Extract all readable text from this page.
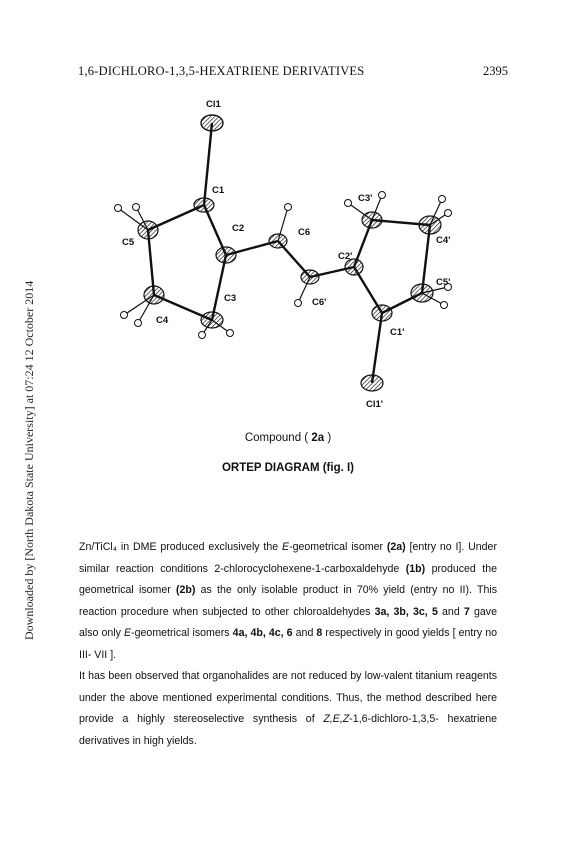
1,6-DICHLORO-1,3,5-HEXATRIENE DERIVATIVES	2395
Downloaded by [North Dakota State University] at 07:24 12 October 2014
Cl1
C1
C2
C3
C4
C5
C6
C6'
C2'
C3'
C4'
C5'
C1'
Cl1'
Compound ( 2a )
ORTEP DIAGRAM (fig. I)

Zn/TiCl₄ in DME produced exclusively the E-geometrical isomer (2a) [entry no I]. Under similar reaction conditions 2-chlorocyclohexene-1-carboxaldehyde (1b) produced the geometrical isomer (2b) as the only isolable product in 70% yield (entry no II). This reaction procedure when subjected to other chloroaldehydes 3a, 3b, 3c, 5 and 7 gave also only E-geometrical isomers 4a, 4b, 4c, 6 and 8 respectively in good yields [ entry no III- VII ].

It has been observed that organohalides are not reduced by low-valent titanium reagents under the above mentioned experimental conditions. Thus, the method described here provide a highly stereoselective synthesis of Z,E,Z-1,6-dichloro-1,3,5- hexatriene derivatives in high yields.
